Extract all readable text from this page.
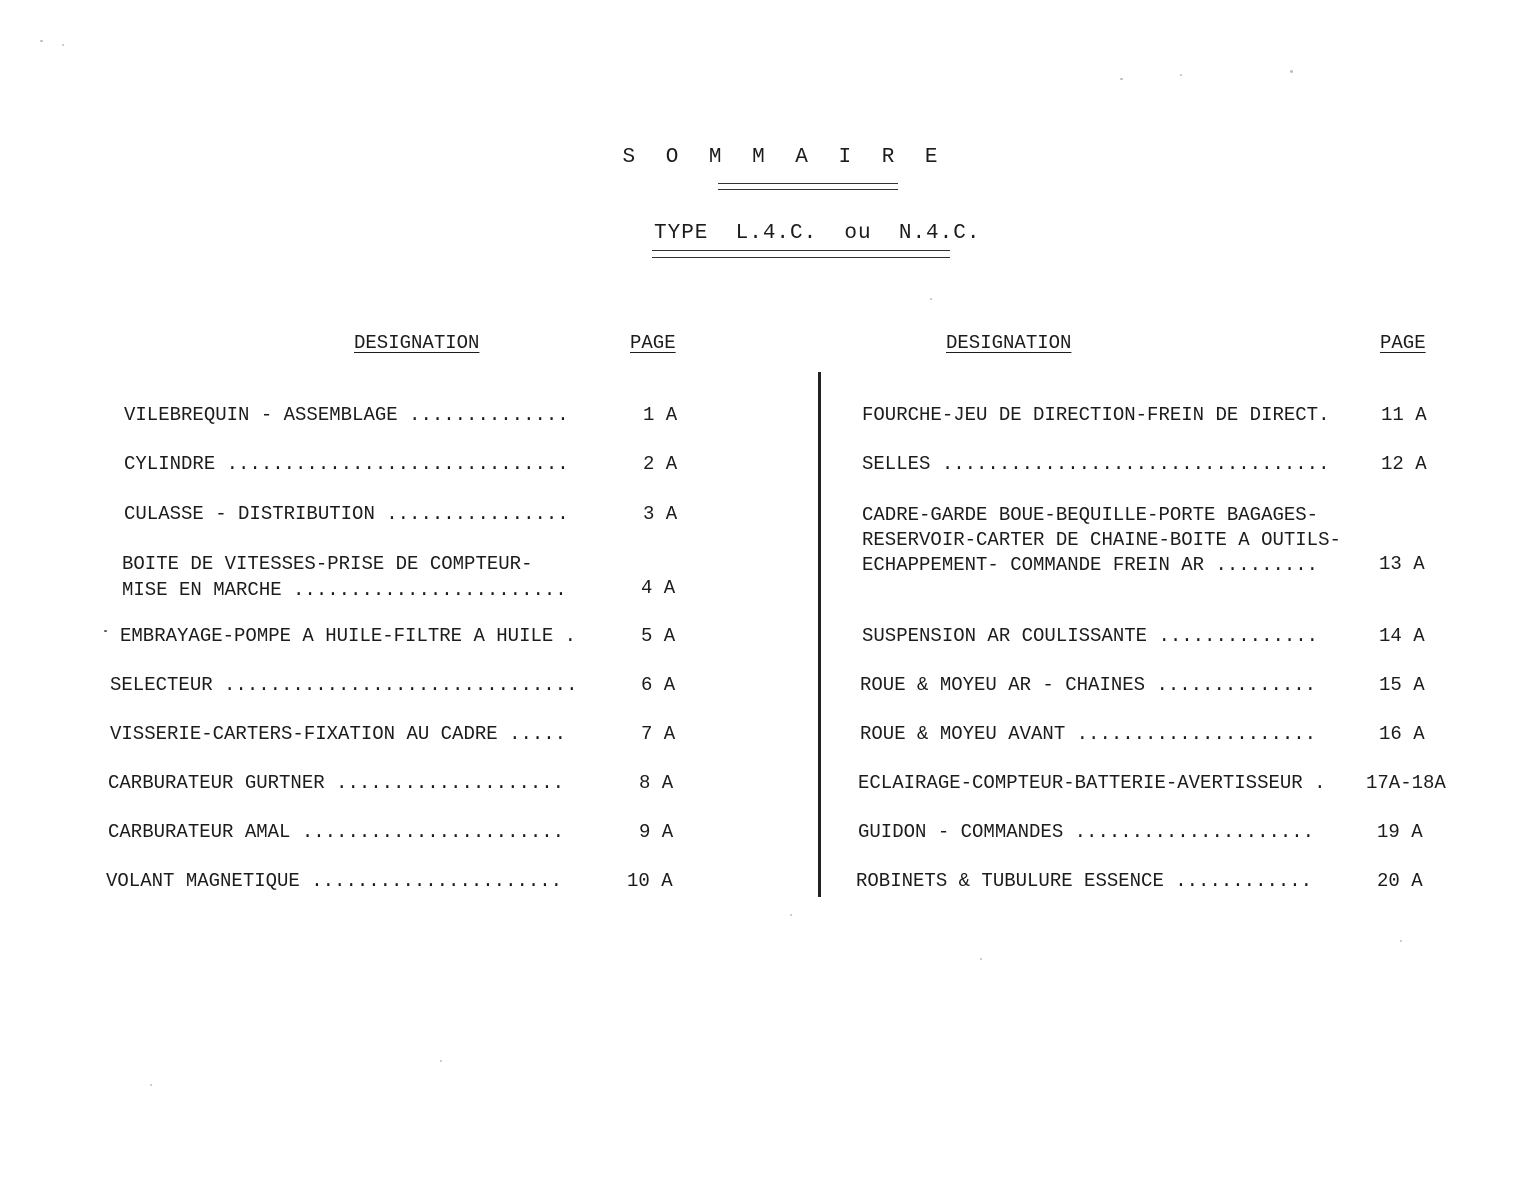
S O M M A I R E
TYPE  L.4.C.  ou  N.4.C.
DESIGNATION	PAGE	DESIGNATION	PAGE
VILEBREQUIN - ASSEMBLAGE ..............	1 A
CYLINDRE ..............................	2 A
CULASSE - DISTRIBUTION ................	3 A
BOITE DE VITESSES-PRISE DE COMPTEUR-
MISE EN MARCHE ........................	4 A
EMBRAYAGE-POMPE A HUILE-FILTRE A HUILE .	5 A
SELECTEUR ...............................	6 A
VISSERIE-CARTERS-FIXATION AU CADRE .....	7 A
CARBURATEUR GURTNER ....................	8 A
CARBURATEUR AMAL .......................	9 A
VOLANT MAGNETIQUE ......................	10 A
FOURCHE-JEU DE DIRECTION-FREIN DE DIRECT.	11 A
SELLES ..................................	12 A
CADRE-GARDE BOUE-BEQUILLE-PORTE BAGAGES-
RESERVOIR-CARTER DE CHAINE-BOITE A OUTILS-
ECHAPPEMENT- COMMANDE FREIN AR .........	13 A
SUSPENSION AR COULISSANTE ..............	14 A
ROUE & MOYEU AR - CHAINES ..............	15 A
ROUE & MOYEU AVANT .....................	16 A
ECLAIRAGE-COMPTEUR-BATTERIE-AVERTISSEUR . 17A-18A
GUIDON - COMMANDES .....................	19 A
ROBINETS & TUBULURE ESSENCE ............	20 A
